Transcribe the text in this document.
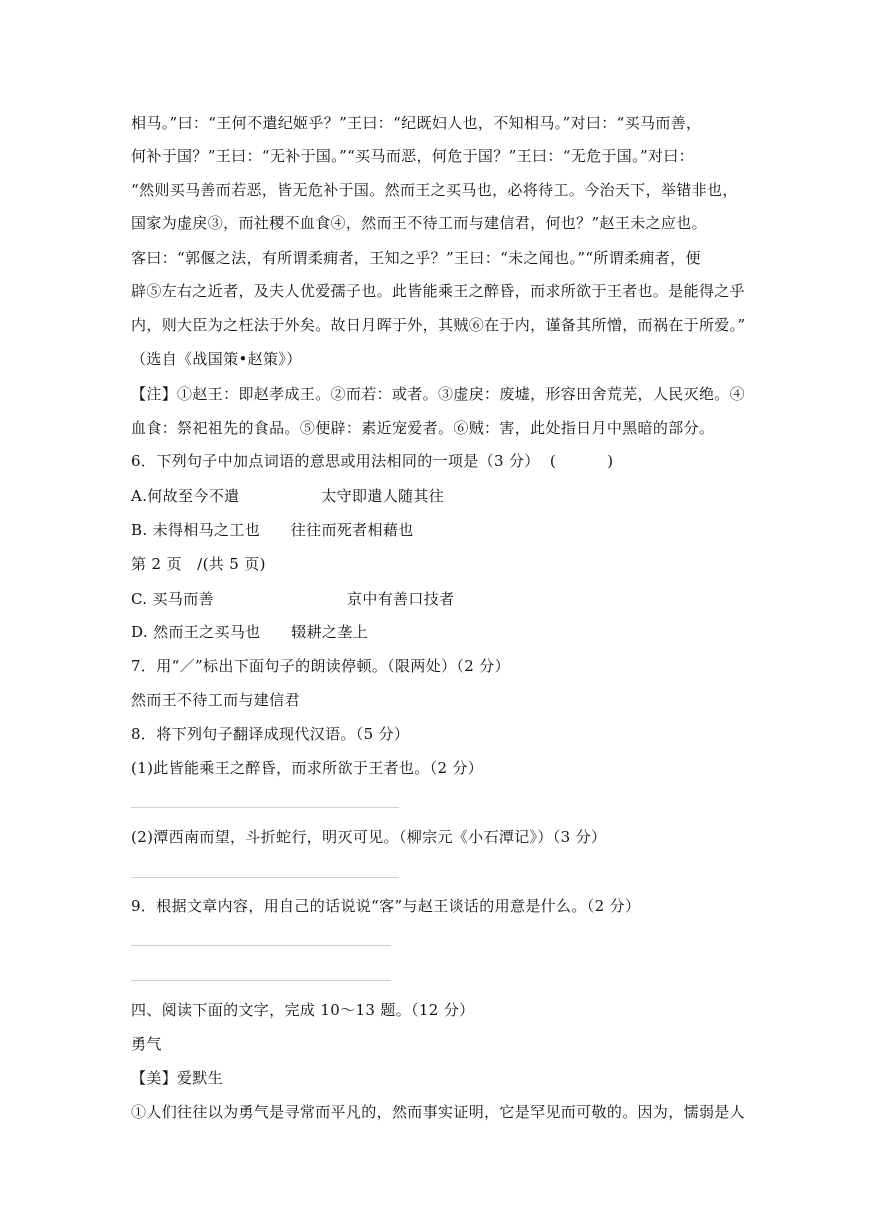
相马。”曰：“王何不遣纪姬乎？”王曰：“纪既妇人也，不知相马。”对曰：“买马而善，
何补于国？”王曰：“无补于国。”“买马而恶，何危于国？”王曰：“无危于国。”对曰：
“然则买马善而若恶，皆无危补于国。然而王之买马也，必将待工。今治天下，举错非也，
国家为虚戾③，而社稷不血食④，然而王不待工而与建信君，何也？”赵王未之应也。
客曰：“郭偃之法，有所谓柔痈者，王知之乎？”王曰：“未之闻也。”“所谓柔痈者，便
辟⑤左右之近者，及夫人优爱孺子也。此皆能乘王之醉昏，而求所欲于王者也。是能得之乎
内，则大臣为之枉法于外矣。故日月晖于外，其贼⑥在于内，谨备其所憎，而祸在于所爱。”
（选自《战国策•赵策》）
【注】①赵王：即赵孝成王。②而若：或者。③虚戾：废墟，形容田舍荒芜，人民灭绝。④
血食：祭祀祖先的食品。⑤便辟：素近宠爱者。⑥贼：害，此处指日月中黑暗的部分。
6．下列句子中加点词语的意思或用法相同的一项是（3 分）  (          )
A.何故至今不遣                太守即遣人随其往
B. 未得相马之工也      往往而死者相藉也
第 2 页   /(共 5 页)
C. 买马而善                          京中有善口技者
D. 然而王之买马也      辍耕之垄上
7．用“／”标出下面句子的朗读停顿。（限两处）（2 分）
然而王不待工而与建信君
8．将下列句子翻译成现代汉语。（5 分）
(1)此皆能乘王之醉昏，而求所欲于王者也。（2 分）
(2)潭西南而望，斗折蛇行，明灭可见。（柳宗元《小石潭记》）（3 分）
9．根据文章内容，用自己的话说说“客”与赵王谈话的用意是什么。（2 分）
四、阅读下面的文字，完成 10～13 题。（12 分）
勇气
【美】爱默生
①人们往往以为勇气是寻常而平凡的，然而事实证明，它是罕见而可敬的。因为，懦弱是人
